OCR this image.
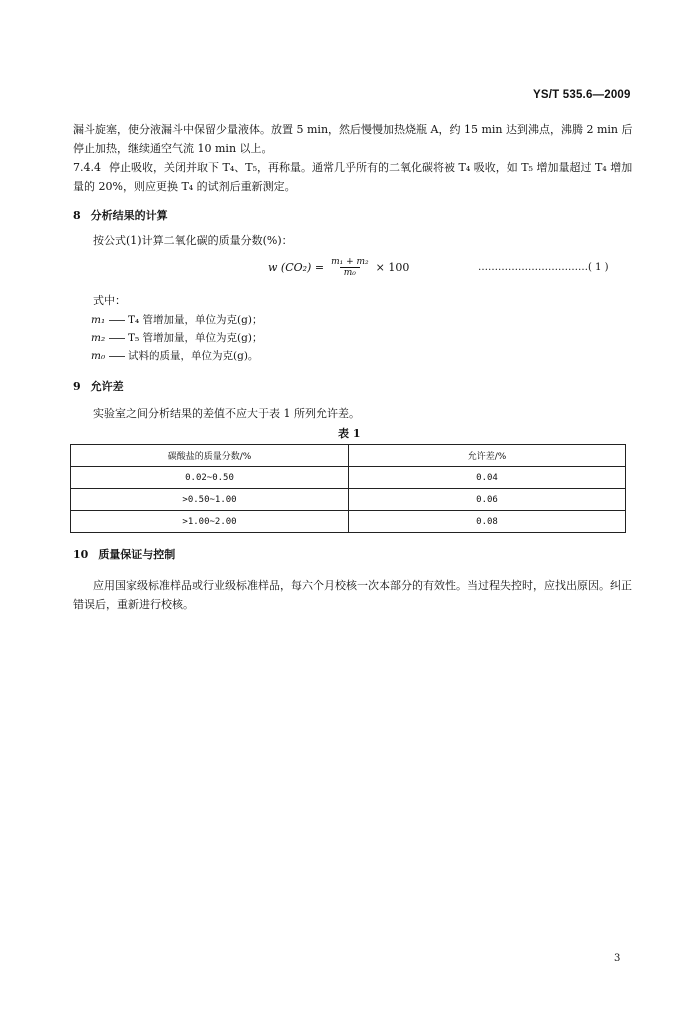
YS/T 535.6—2009
漏斗旋塞，使分液漏斗中保留少量液体。放置 5 min，然后慢慢加热烧瓶 A，约 15 min 达到沸点，沸腾 2 min 后停止加热，继续通空气流 10 min 以上。
7.4.4 停止吸收，关闭并取下 T₄、T₅，再称量。通常几乎所有的二氧化碳将被 T₄ 吸收，如 T₅ 增加量超过 T₄ 增加量的 20%，则应更换 T₄ 的试剂后重新测定。
8 分析结果的计算
按公式(1)计算二氧化碳的质量分数(%)：
w $(CO_2) = \frac{\text{m₁ + m₂}}{\text{m₀}} \times 100$	……………………………( 1 )
式中：
m₁ T₄ 管增加量，单位为克(g)；
m₂ T₅ 管增加量，单位为克(g)；
m₀ 试料的质量，单位为克(g)。
9 允许差
实验室之间分析结果的差值不应大于表 1 所列允许差。
表 1
碳酸盐的质量分数/%	允许差/%
0.02~0.50	0.04
>0.50~1.00	0.06
>1.00~2.00	0.08
10 质量保证与控制
应用国家级标准样品或行业级标准样品，每六个月校核一次本部分的有效性。当过程失控时，应找出原因。纠正错误后，重新进行校核。
3
